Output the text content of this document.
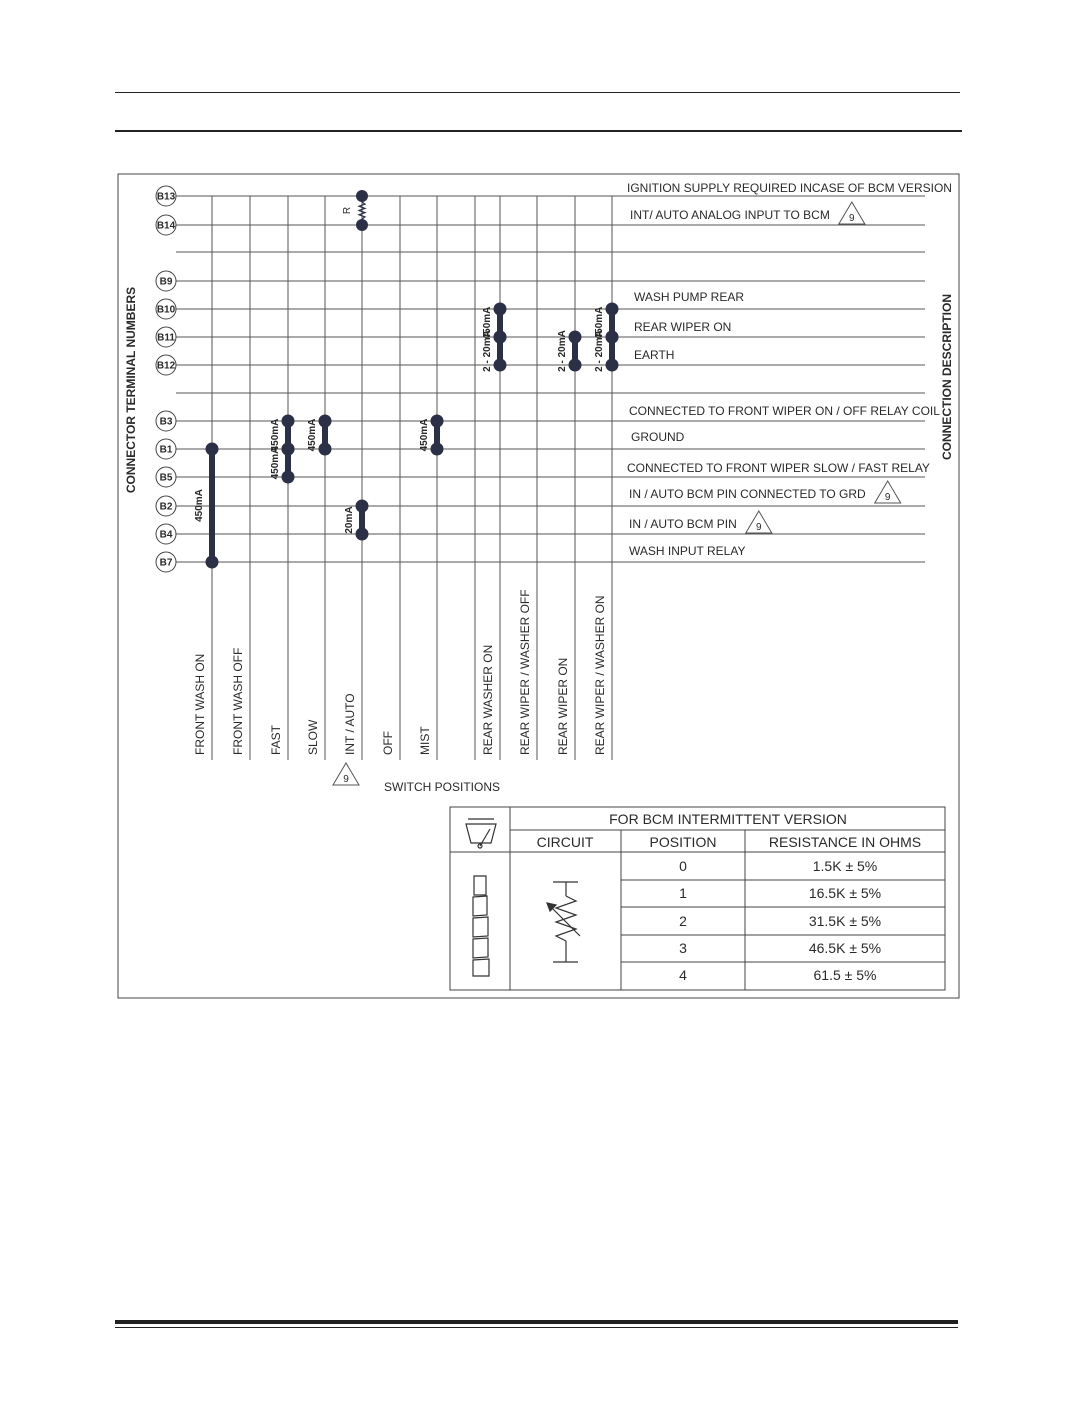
B13
B14
B9
B10
B11
B12
B3
B1
B5
B2
B4
B7
IGNITION SUPPLY REQUIRED INCASE OF BCM VERSION
INT/ AUTO ANALOG INPUT TO BCM 9
WASH PUMP REAR
REAR WIPER ON
EARTH
CONNECTED TO FRONT WIPER ON / OFF RELAY COIL
GROUND
CONNECTED TO FRONT WIPER SLOW / FAST RELAY
IN / AUTO BCM PIN CONNECTED TO GRD 9
IN / AUTO BCM PIN 9
WASH INPUT RELAY
FRONT WASH ON FRONT WASH OFF FAST SLOW INT / AUTO OFF MIST	REAR WASHER ON REAR WIPER / WASHER OFF REAR WIPER ON REAR WIPER / WASHER ON
450mA
450mA
450mA
450mA
20mA
450mA
450mA
2 - 20mA	2 - 20mA
450mA
2 - 20mA
R
CONNECTOR TERMINAL NUMBERS	CONNECTION DESCRIPTION
SWITCH POSITIONS
9
FOR BCM INTERMITTENT VERSION
CIRCUIT	POSITION	RESISTANCE IN OHMS
0	1.5K ± 5%
1	16.5K ± 5%
2	31.5K ± 5%
3	46.5K ± 5%
4	61.5 ± 5%
